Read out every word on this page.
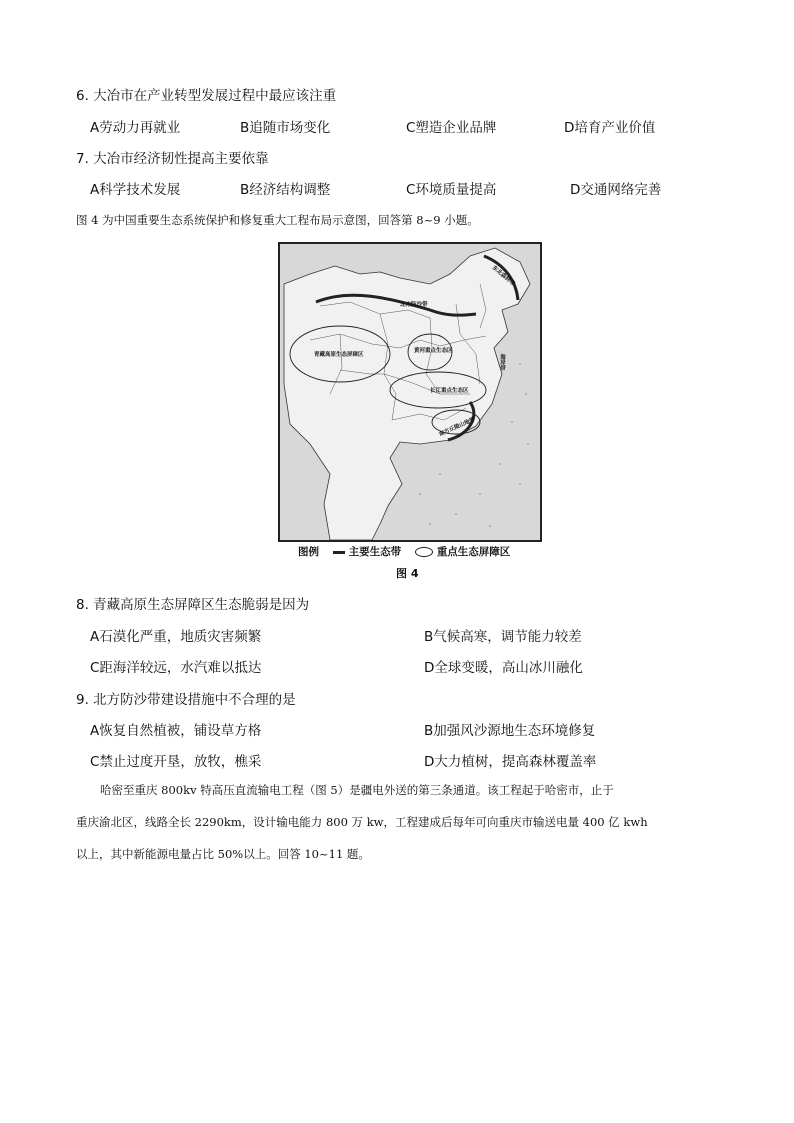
6. 大冶市在产业转型发展过程中最应该注重
A劳动力再就业	B追随市场变化	C塑造企业品牌	D培育产业价值
7. 大冶市经济韧性提高主要依靠
A科学技术发展	B经济结构调整	C环境质量提高	D交通网络完善
图 4 为中国重要生态系统保护和修复重大工程布局示意图，回答第 8~9 小题。
北方防沙带
东北森林带
青藏高原生态屏障区
黄河重点生态区
长江重点生态区
南方丘陵山地带
海岸带
图例	主要生态带	重点生态屏障区
图 4
8. 青藏高原生态屏障区生态脆弱是因为
A石漠化严重，地质灾害频繁	B气候高寒，调节能力较差
C距海洋较远，水汽难以抵达	D全球变暖，高山冰川融化
9. 北方防沙带建设措施中不合理的是
A恢复自然植被，铺设草方格	B加强风沙源地生态环境修复
C禁止过度开垦，放牧，樵采	D大力植树，提高森林覆盖率
哈密至重庆 800kv 特高压直流输电工程（图 5）是疆电外送的第三条通道。该工程起于哈密市，止于
重庆渝北区，线路全长 2290km，设计输电能力 800 万 kw，工程建成后每年可向重庆市输送电量 400 亿 kwh
以上，其中新能源电量占比 50%以上。回答 10~11 题。
